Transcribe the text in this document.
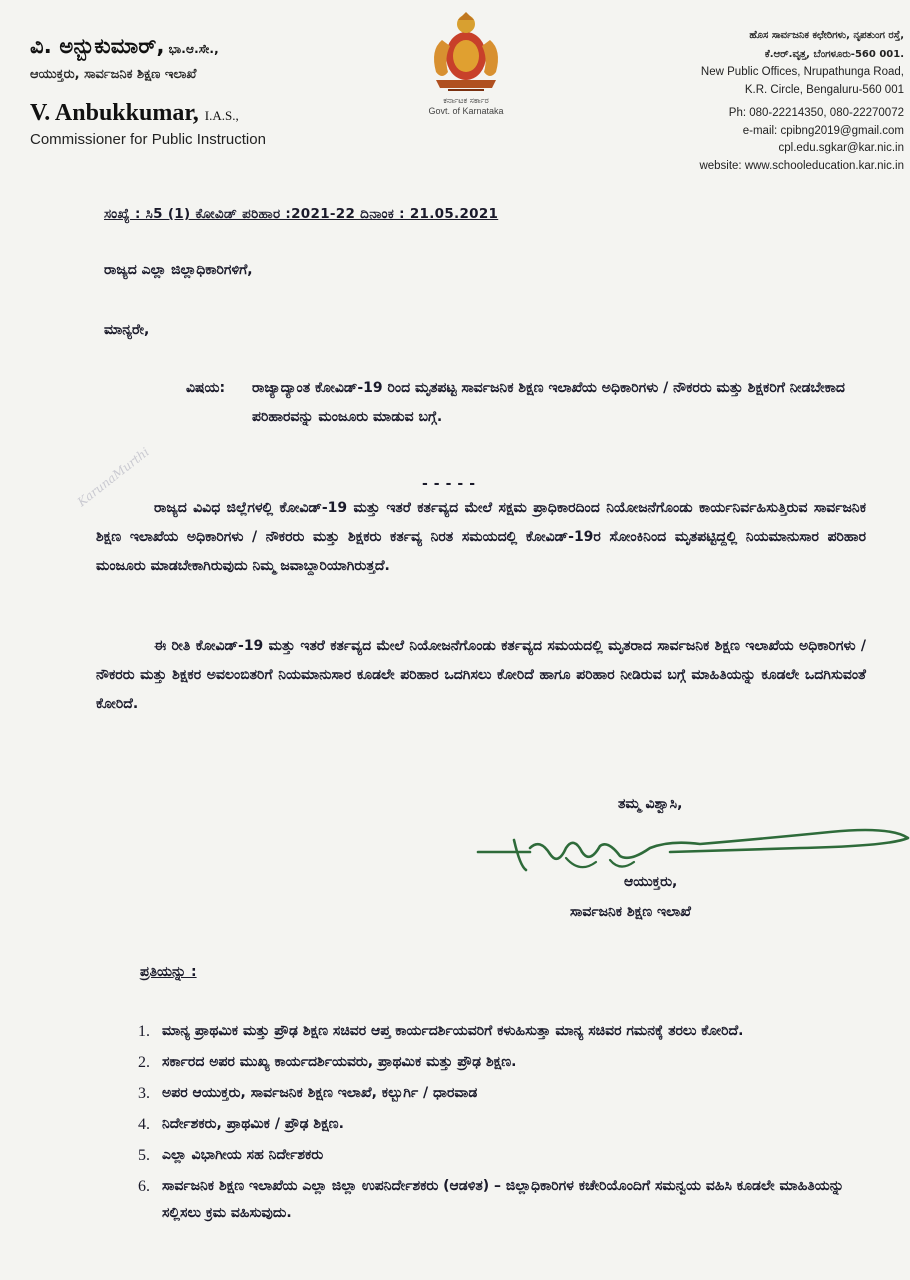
ವಿ. ಅನ್ಬುಕುಮಾರ್, ಭಾ.ಆ.ಸೇ.,
ಆಯುಕ್ತರು, ಸಾರ್ವಜನಿಕ ಶಿಕ್ಷಣ ಇಲಾಖೆ
V. Anbukkumar, I.A.S.,
Commissioner for Public Instruction
ಕರ್ನಾಟಕ ಸರ್ಕಾರ
Govt. of Karnataka
ಹೊಸ ಸಾರ್ವಜನಿಕ ಕಛೇರಿಗಳು, ನೃಪತುಂಗ ರಸ್ತೆ,
ಕೆ.ಆರ್.ವೃತ್ತ, ಬೆಂಗಳೂರು-560 001.
New Public Offices, Nrupathunga Road,
K.R. Circle, Bengaluru-560 001
Ph: 080-22214350, 080-22270072
e-mail: cpibng2019@gmail.com
cpl.edu.sgkar@kar.nic.in
website: www.schooleducation.kar.nic.in
ಸಂಖ್ಯೆ : ಸಿ5 (1) ಕೋವಿಡ್ ಪರಿಹಾರ :2021-22 ದಿನಾಂಕ : 21.05.2021
ರಾಜ್ಯದ ಎಲ್ಲಾ ಜಿಲ್ಲಾಧಿಕಾರಿಗಳಿಗೆ,
ಮಾನ್ಯರೇ,
ವಿಷಯ: ರಾಜ್ಯಾದ್ಯಾಂತ ಕೋವಿಡ್-19 ರಿಂದ ಮೃತಪಟ್ಟ ಸಾರ್ವಜನಿಕ ಶಿಕ್ಷಣ ಇಲಾಖೆಯ ಅಧಿಕಾರಿಗಳು / ನೌಕರರು ಮತ್ತು ಶಿಕ್ಷಕರಿಗೆ ನೀಡಬೇಕಾದ ಪರಿಹಾರವನ್ನು ಮಂಜೂರು ಮಾಡುವ ಬಗ್ಗೆ.
-----
KarunaMurthi ರಾಜ್ಯದ ವಿವಿಧ ಜಿಲ್ಲೆಗಳಲ್ಲಿ ಕೋವಿಡ್-19 ಮತ್ತು ಇತರೆ ಕರ್ತವ್ಯದ ಮೇಲೆ ಸಕ್ಷಮ ಪ್ರಾಧಿಕಾರದಿಂದ ನಿಯೋಜನೆಗೊಂಡು ಕಾರ್ಯನಿರ್ವಹಿಸುತ್ತಿರುವ ಸಾರ್ವಜನಿಕ ಶಿಕ್ಷಣ ಇಲಾಖೆಯ ಅಧಿಕಾರಿಗಳು / ನೌಕರರು ಮತ್ತು ಶಿಕ್ಷಕರು ಕರ್ತವ್ಯ ನಿರತ ಸಮಯದಲ್ಲಿ ಕೋವಿಡ್-19ರ ಸೋಂಕಿನಿಂದ ಮೃತಪಟ್ಟಿದ್ದಲ್ಲಿ ನಿಯಮಾನುಸಾರ ಪರಿಹಾರ ಮಂಜೂರು ಮಾಡಬೇಕಾಗಿರುವುದು ನಿಮ್ಮ ಜವಾಬ್ದಾರಿಯಾಗಿರುತ್ತದೆ.
ಈ ರೀತಿ ಕೋವಿಡ್-19 ಮತ್ತು ಇತರೆ ಕರ್ತವ್ಯದ ಮೇಲೆ ನಿಯೋಜನೆಗೊಂಡು ಕರ್ತವ್ಯದ ಸಮಯದಲ್ಲಿ ಮೃತರಾದ ಸಾರ್ವಜನಿಕ ಶಿಕ್ಷಣ ಇಲಾಖೆಯ ಅಧಿಕಾರಿಗಳು / ನೌಕರರು ಮತ್ತು ಶಿಕ್ಷಕರ ಅವಲಂಬಿತರಿಗೆ ನಿಯಮಾನುಸಾರ ಕೂಡಲೇ ಪರಿಹಾರ ಒದಗಿಸಲು ಕೋರಿದೆ ಹಾಗೂ ಪರಿಹಾರ ನೀಡಿರುವ ಬಗ್ಗೆ ಮಾಹಿತಿಯನ್ನು ಕೂಡಲೇ ಒದಗಿಸುವಂತೆ ಕೋರಿದೆ.
ತಮ್ಮ ವಿಶ್ವಾಸಿ,
ಆಯುಕ್ತರು,
ಸಾರ್ವಜನಿಕ ಶಿಕ್ಷಣ ಇಲಾಖೆ
ಪ್ರತಿಯನ್ನು :
1. ಮಾನ್ಯ ಪ್ರಾಥಮಿಕ ಮತ್ತು ಪ್ರೌಢ ಶಿಕ್ಷಣ ಸಚಿವರ ಆಪ್ತ ಕಾರ್ಯದರ್ಶಿಯವರಿಗೆ ಕಳುಹಿಸುತ್ತಾ ಮಾನ್ಯ ಸಚಿವರ ಗಮನಕ್ಕೆ ತರಲು ಕೋರಿದೆ.
2. ಸರ್ಕಾರದ ಅಪರ ಮುಖ್ಯ ಕಾರ್ಯದರ್ಶಿಯವರು, ಪ್ರಾಥಮಿಕ ಮತ್ತು ಪ್ರೌಢ ಶಿಕ್ಷಣ.
3. ಅಪರ ಆಯುಕ್ತರು, ಸಾರ್ವಜನಿಕ ಶಿಕ್ಷಣ ಇಲಾಖೆ, ಕಲ್ಬುರ್ಗಿ / ಧಾರವಾಡ
4. ನಿರ್ದೇಶಕರು, ಪ್ರಾಥಮಿಕ / ಪ್ರೌಢ ಶಿಕ್ಷಣ.
5. ಎಲ್ಲಾ ವಿಭಾಗೀಯ ಸಹ ನಿರ್ದೇಶಕರು
6. ಸಾರ್ವಜನಿಕ ಶಿಕ್ಷಣ ಇಲಾಖೆಯ ಎಲ್ಲಾ ಜಿಲ್ಲಾ ಉಪನಿರ್ದೇಶಕರು (ಆಡಳಿತ) – ಜಿಲ್ಲಾಧಿಕಾರಿಗಳ ಕಚೇರಿಯೊಂದಿಗೆ ಸಮನ್ವಯ ವಹಿಸಿ ಕೂಡಲೇ ಮಾಹಿತಿಯನ್ನು ಸಲ್ಲಿಸಲು ಕ್ರಮ ವಹಿಸುವುದು.
